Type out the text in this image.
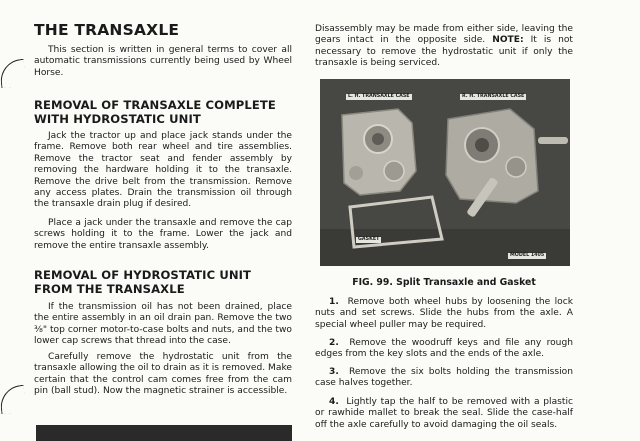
THE TRANSAXLE

This section is written in general terms to cover all automatic transmissions currently being used by Wheel Horse.

REMOVAL OF TRANSAXLE COMPLETE WITH HYDROSTATIC UNIT

Jack the tractor up and place jack stands under the frame. Remove both rear wheel and tire assemblies. Remove the tractor seat and fender assembly by removing the hardware holding it to the transaxle. Remove the drive belt from the transmission. Remove any access plates. Drain the transmission oil through the transaxle drain plug if desired.

Place a jack under the transaxle and remove the cap screws holding it to the frame. Lower the jack and remove the entire transaxle assembly.

REMOVAL OF HYDROSTATIC UNIT FROM THE TRANSAXLE

If the transmission oil has not been drained, place the entire assembly in an oil drain pan. Remove the two ⅜" top corner motor-to-case bolts and nuts, and the two lower cap screws that thread into the case.

Carefully remove the hydrostatic unit from the transaxle allowing the oil to drain as it is removed. Make certain that the control cam comes free from the cam pin (ball stud). Now the magnetic strainer is accessible.

Disassembly may be made from either side, leaving the gears intact in the opposite side. NOTE: It is not necessary to remove the hydrostatic unit if only the transaxle is being serviced.

L. H. TRANSAXLE CASE	R. H. TRANSAXLE CASE
GASKET
MODEL 1405
FIG. 99. Split Transaxle and Gasket

1. Remove both wheel hubs by loosening the lock nuts and set screws. Slide the hubs from the axle. A special wheel puller may be required.

2. Remove the woodruff keys and file any rough edges from the key slots and the ends of the axle.

3. Remove the six bolts holding the transmission case halves together.

4. Lightly tap the half to be removed with a plastic or rawhide mallet to break the seal. Slide the case-half off the axle carefully to avoid damaging the oil seals.
